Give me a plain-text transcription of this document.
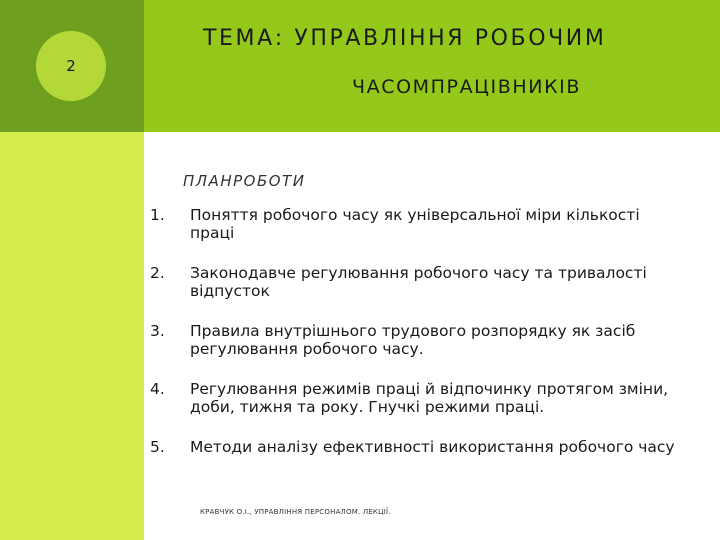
2
ТЕМА: УПРАВЛІННЯ РОБОЧИМ
ЧАСОМПРАЦІВНИКІВ
ПЛАНРОБОТИ
1.	Поняття робочого часу як універсальної міри кількості праці
2.	Законодавче регулювання робочого часу та тривалості відпусток
3.	Правила внутрішнього трудового розпорядку як засіб регулювання робочого часу.
4.	Регулювання режимів праці й відпочинку протягом зміни, доби, тижня та року. Гнучкі режими праці.
5.	Методи аналізу ефективності використання робочого часу
КРАВЧУК О.І., УПРАВЛІННЯ ПЕРСОНАЛОМ. ЛЕКЦІЇ.
